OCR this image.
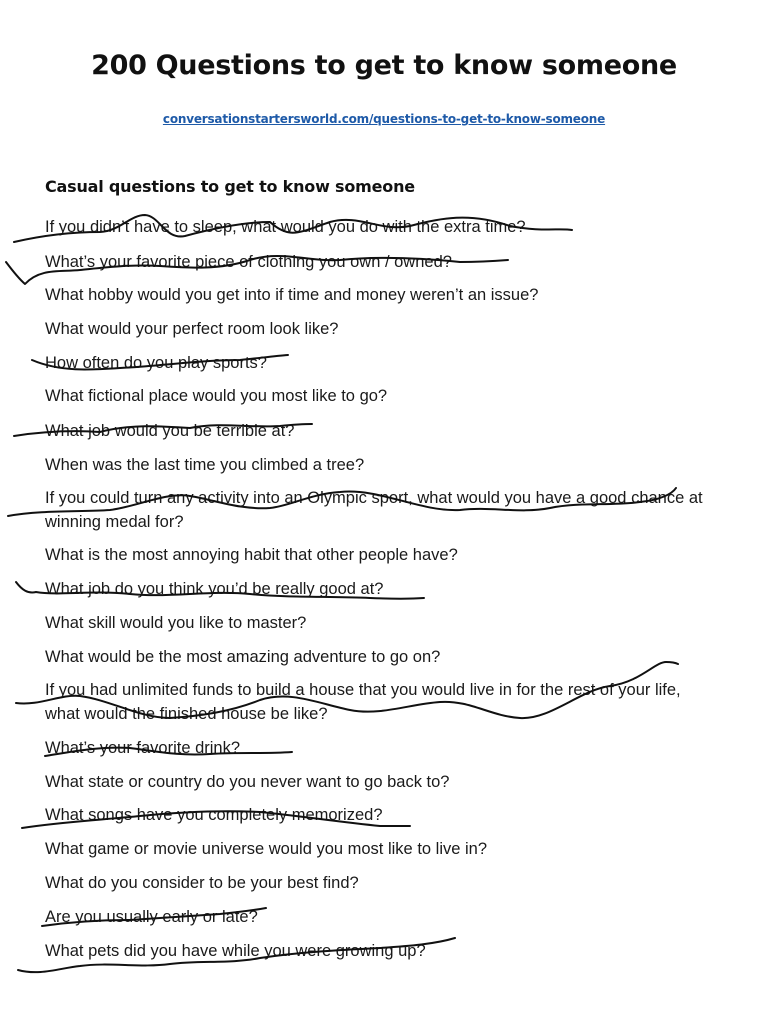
200 Questions to get to know someone
conversationstartersworld.com/questions-to-get-to-know-someone
Casual questions to get to know someone

If you didn’t have to sleep, what would you do with the extra time?

What’s your favorite piece of clothing you own / owned?

What hobby would you get into if time and money weren’t an issue?

What would your perfect room look like?

How often do you play sports?

What fictional place would you most like to go?

What job would you be terrible at?

When was the last time you climbed a tree?

If you could turn any activity into an Olympic sport, what would you have a good chance at winning medal for?

What is the most annoying habit that other people have?

What job do you think you’d be really good at?

What skill would you like to master?

What would be the most amazing adventure to go on?

If you had unlimited funds to build a house that you would live in for the rest of your life, what would the finished house be like?

What’s your favorite drink?

What state or country do you never want to go back to?

What songs have you completely memorized?

What game or movie universe would you most like to live in?

What do you consider to be your best find?

Are you usually early or late?

What pets did you have while you were growing up?
